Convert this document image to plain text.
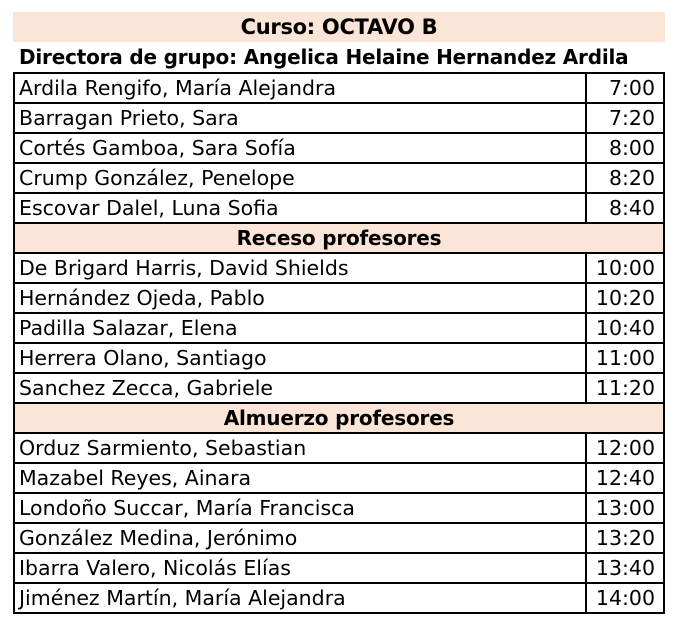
Curso: OCTAVO B
Directora de grupo: Angelica Helaine Hernandez Ardila
Ardila Rengifo, María Alejandra	7:00
Barragan Prieto, Sara	7:20
Cortés Gamboa, Sara Sofía	8:00
Crump González, Penelope	8:20
Escovar Dalel, Luna Sofia	8:40
Receso profesores
De Brigard Harris, David Shields	10:00
Hernández Ojeda, Pablo	10:20
Padilla Salazar, Elena	10:40
Herrera Olano, Santiago	11:00
Sanchez Zecca, Gabriele	11:20
Almuerzo profesores
Orduz Sarmiento, Sebastian	12:00
Mazabel Reyes, Ainara	12:40
Londoño Succar, María Francisca	13:00
González Medina, Jerónimo	13:20
Ibarra Valero, Nicolás Elías	13:40
Jiménez Martín, María Alejandra	14:00
